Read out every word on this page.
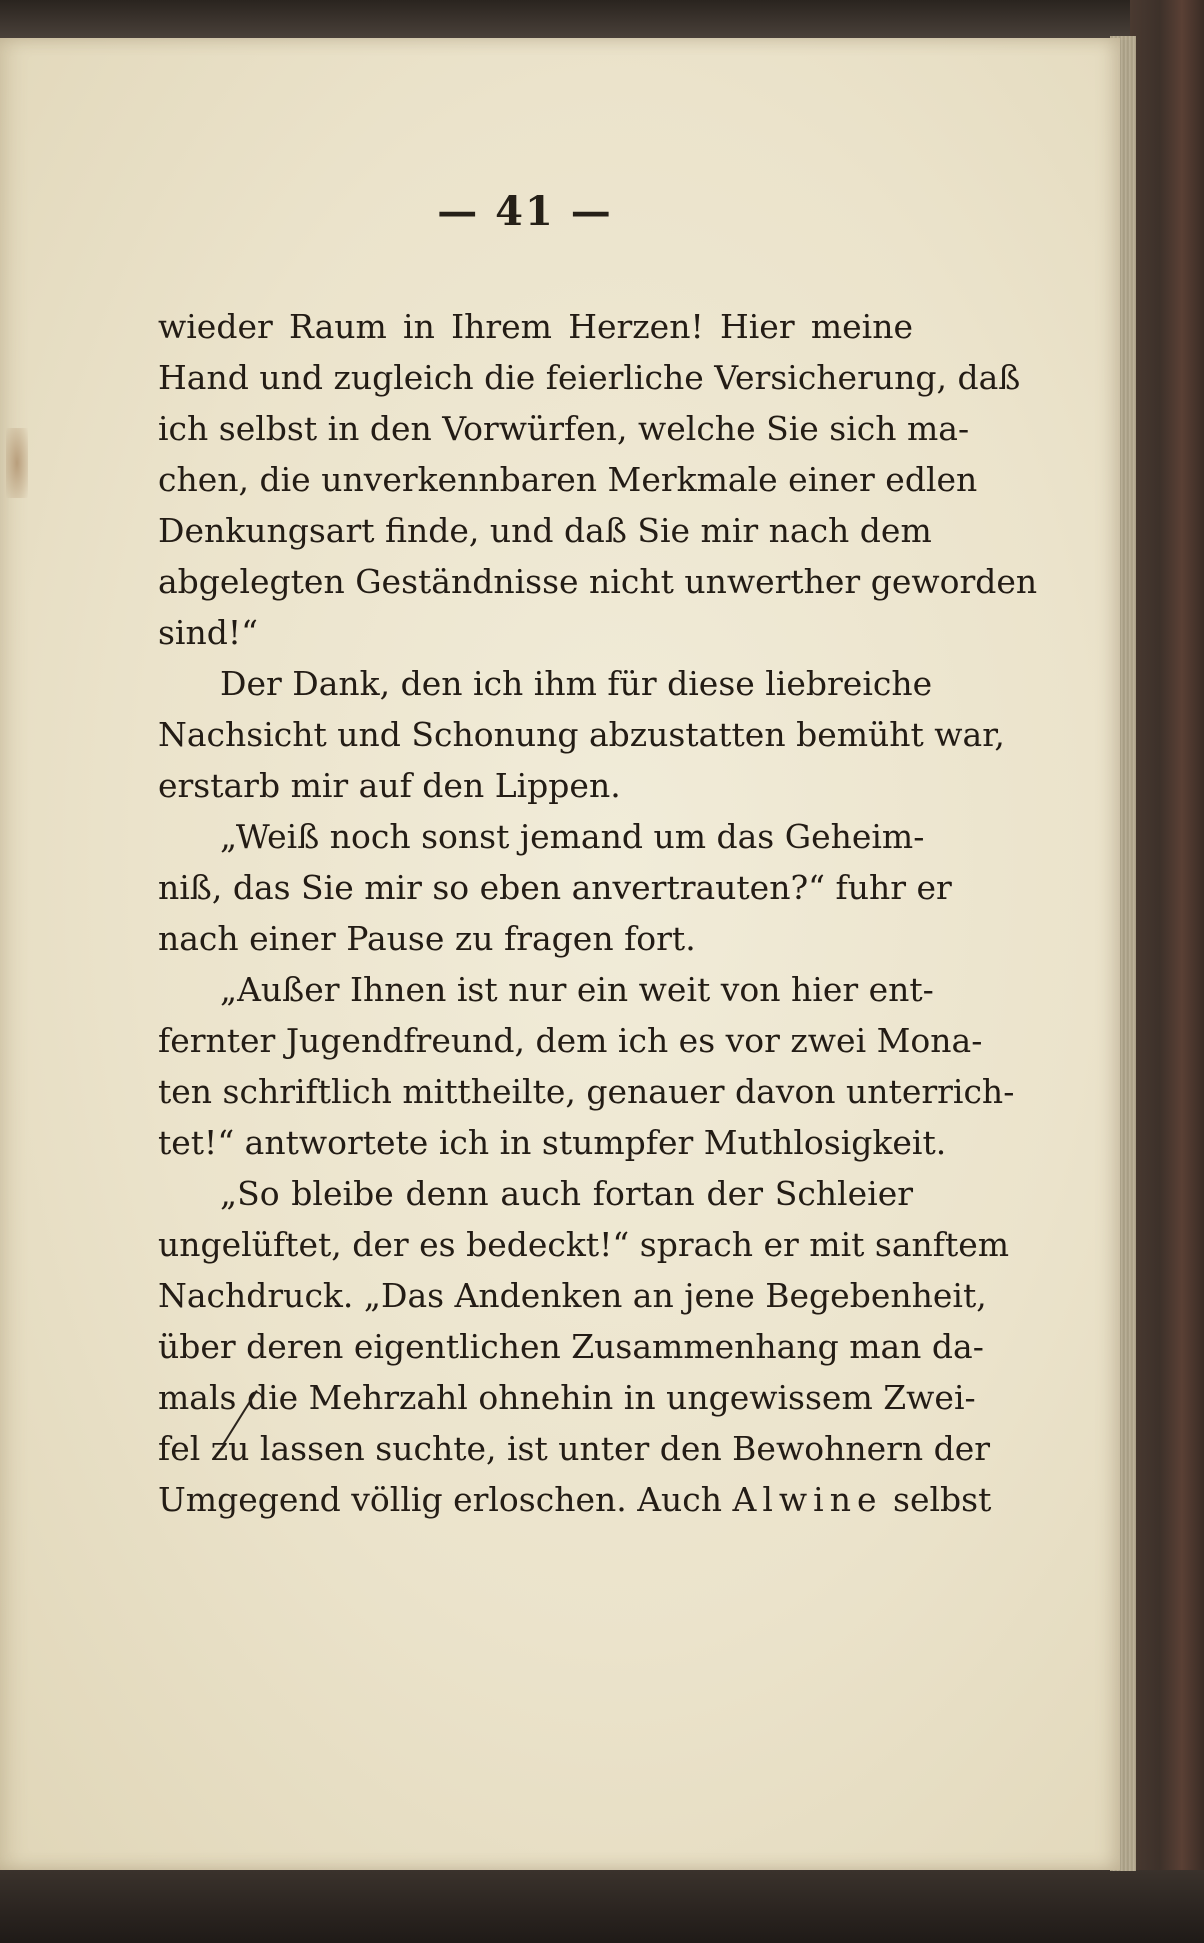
— 41 —
wieder Raum in Ihrem Herzen! Hier meine
Hand und zugleich die feierliche Versicherung, daß
ich selbst in den Vorwürfen, welche Sie sich ma-
chen, die unverkennbaren Merkmale einer edlen
Denkungsart finde, und daß Sie mir nach dem
abgelegten Geständnisse nicht unwerther geworden
sind!“
Der Dank, den ich ihm für diese liebreiche
Nachsicht und Schonung abzustatten bemüht war,
erstarb mir auf den Lippen.
„Weiß noch sonst jemand um das Geheim-
niß, das Sie mir so eben anvertrauten?“ fuhr er
nach einer Pause zu fragen fort.
„Außer Ihnen ist nur ein weit von hier ent-
fernter Jugendfreund, dem ich es vor zwei Mona-
ten schriftlich mittheilte, genauer davon unterrich-
tet!“ antwortete ich in stumpfer Muthlosigkeit.
„So bleibe denn auch fortan der Schleier
ungelüftet, der es bedeckt!“ sprach er mit sanftem
Nachdruck. „Das Andenken an jene Begebenheit,
über deren eigentlichen Zusammenhang man da-
mals die Mehrzahl ohnehin in ungewissem Zwei-
fel zu lassen suchte, ist unter den Bewohnern der
Umgegend völlig erloschen. Auch Alwine selbst
